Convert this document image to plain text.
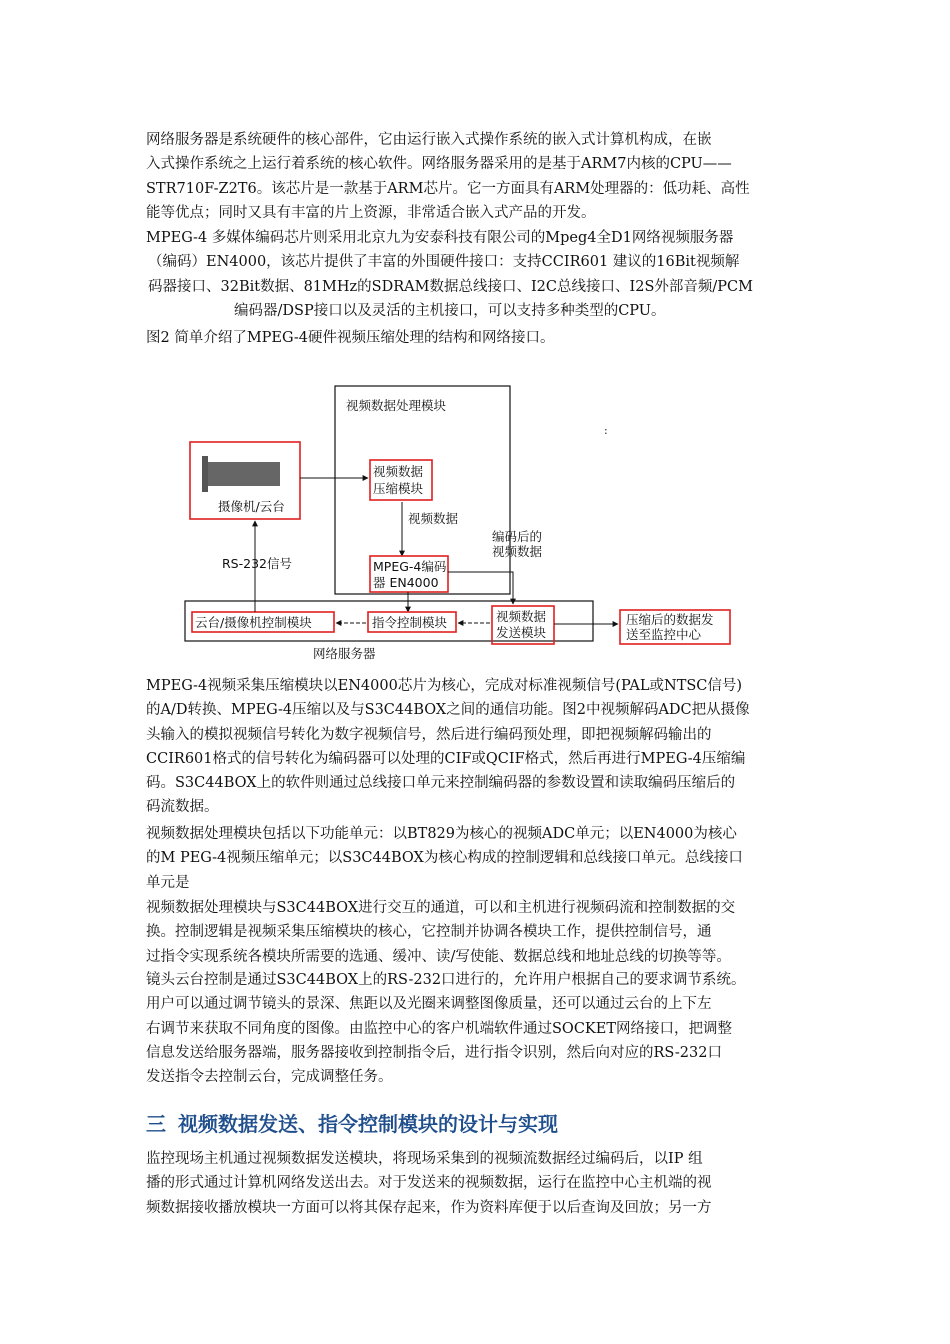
网络服务器是系统硬件的核心部件，它由运行嵌入式操作系统的嵌入式计算机构成，在嵌
入式操作系统之上运行着系统的核心软件。网络服务器采用的是基于ARM7内核的CPU——
STR710F-Z2T6。该芯片是一款基于ARM芯片。它一方面具有ARM处理器的：低功耗、高性
能等优点；同时又具有丰富的片上资源，非常适合嵌入式产品的开发。

MPEG-4 多媒体编码芯片则采用北京九为安泰科技有限公司的Mpeg4全D1网络视频服务器
（编码）EN4000，该芯片提供了丰富的外围硬件接口：支持CCIR601 建议的16Bit视频解
码器接口、32Bit数据、81MHz的SDRAM数据总线接口、I2C总线接口、I2S外部音频/PCM
编码器/DSP接口以及灵活的主机接口，可以支持多种类型的CPU。

图2 简单介绍了MPEG-4硬件视频压缩处理的结构和网络接口。

:
视频数据处理模块
网络服务器
摄像机/云台
视频数据
压缩模块
视频数据
MPEG-4编码
器 EN4000
编码后的
视频数据
云台/摄像机控制模块	指令控制模块	视频数据
发送模块
RS-232信号
压缩后的数据发
送至监控中心

MPEG-4视频采集压缩模块以EN4000芯片为核心，完成对标准视频信号(PAL或NTSC信号)
的A/D转换、MPEG-4压缩以及与S3C44BOX之间的通信功能。图2中视频解码ADC把从摄像
头输入的模拟视频信号转化为数字视频信号，然后进行编码预处理，即把视频解码输出的
CCIR601格式的信号转化为编码器可以处理的CIF或QCIF格式，然后再进行MPEG-4压缩编
码。S3C44BOX上的软件则通过总线接口单元来控制编码器的参数设置和读取编码压缩后的
码流数据。

视频数据处理模块包括以下功能单元：以BT829为核心的视频ADC单元；以EN4000为核心
的M PEG-4视频压缩单元；以S3C44BOX为核心构成的控制逻辑和总线接口单元。总线接口
单元是

视频数据处理模块与S3C44BOX进行交互的通道，可以和主机进行视频码流和控制数据的交
换。控制逻辑是视频采集压缩模块的核心，它控制并协调各模块工作，提供控制信号，通
过指令实现系统各模块所需要的选通、缓冲、读/写使能、数据总线和地址总线的切换等等。

镜头云台控制是通过S3C44BOX上的RS-232口进行的，允许用户根据自己的要求调节系统。
用户可以通过调节镜头的景深、焦距以及光圈来调整图像质量，还可以通过云台的上下左
右调节来获取不同角度的图像。由监控中心的客户机端软件通过SOCKET网络接口，把调整
信息发送给服务器端，服务器接收到控制指令后，进行指令识别，然后向对应的RS-232口
发送指令去控制云台，完成调整任务。

三 视频数据发送、指令控制模块的设计与实现

监控现场主机通过视频数据发送模块，将现场采集到的视频流数据经过编码后，以IP 组
播的形式通过计算机网络发送出去。对于发送来的视频数据，运行在监控中心主机端的视
频数据接收播放模块一方面可以将其保存起来，作为资料库便于以后查询及回放；另一方
